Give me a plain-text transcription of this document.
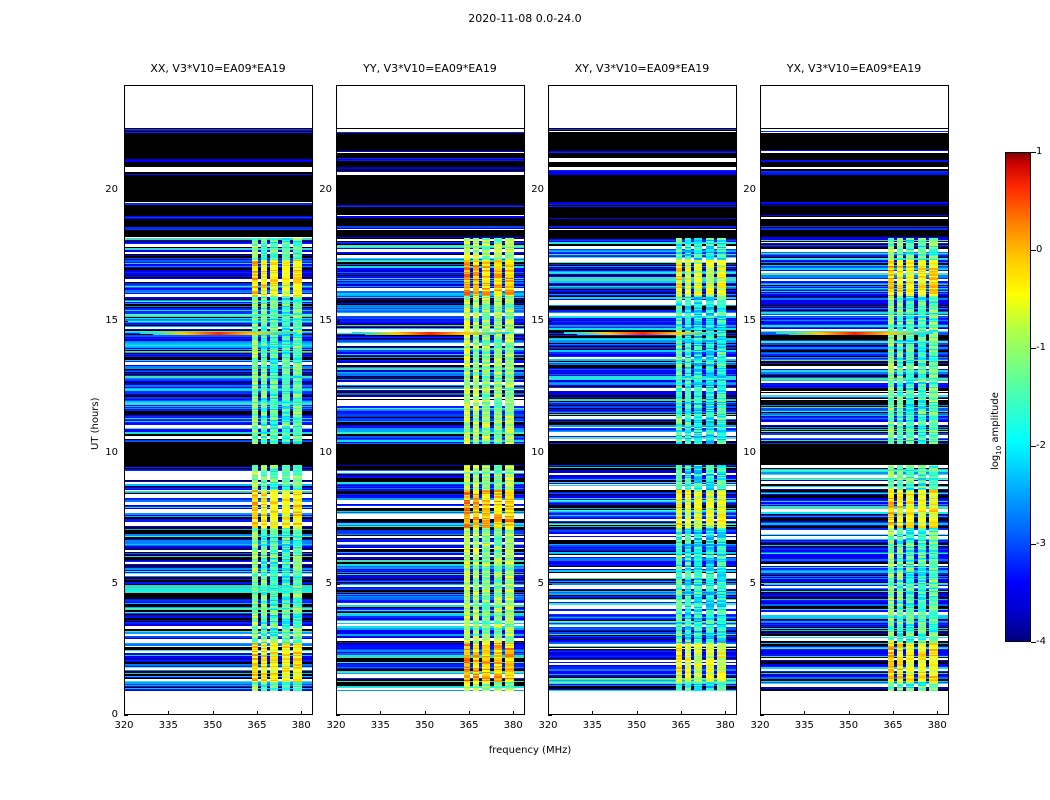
2020-11-08 0.0-24.0
XX, V3*V10=EA09*EA19	YY, V3*V10=EA09*EA19	XY, V3*V10=EA09*EA19	YX, V3*V10=EA09*EA19
UT (hours)
frequency (MHz)
$\log_{10}$ amplitude
0
5
10
15
20
5
10
15
20
5
10
15
20
5
10
15
20
320	335	350	365	380	320	335	350	365	380	320	335	350	365	380	320	335	350	365	380
-4
-3
-2
-1
0
1
